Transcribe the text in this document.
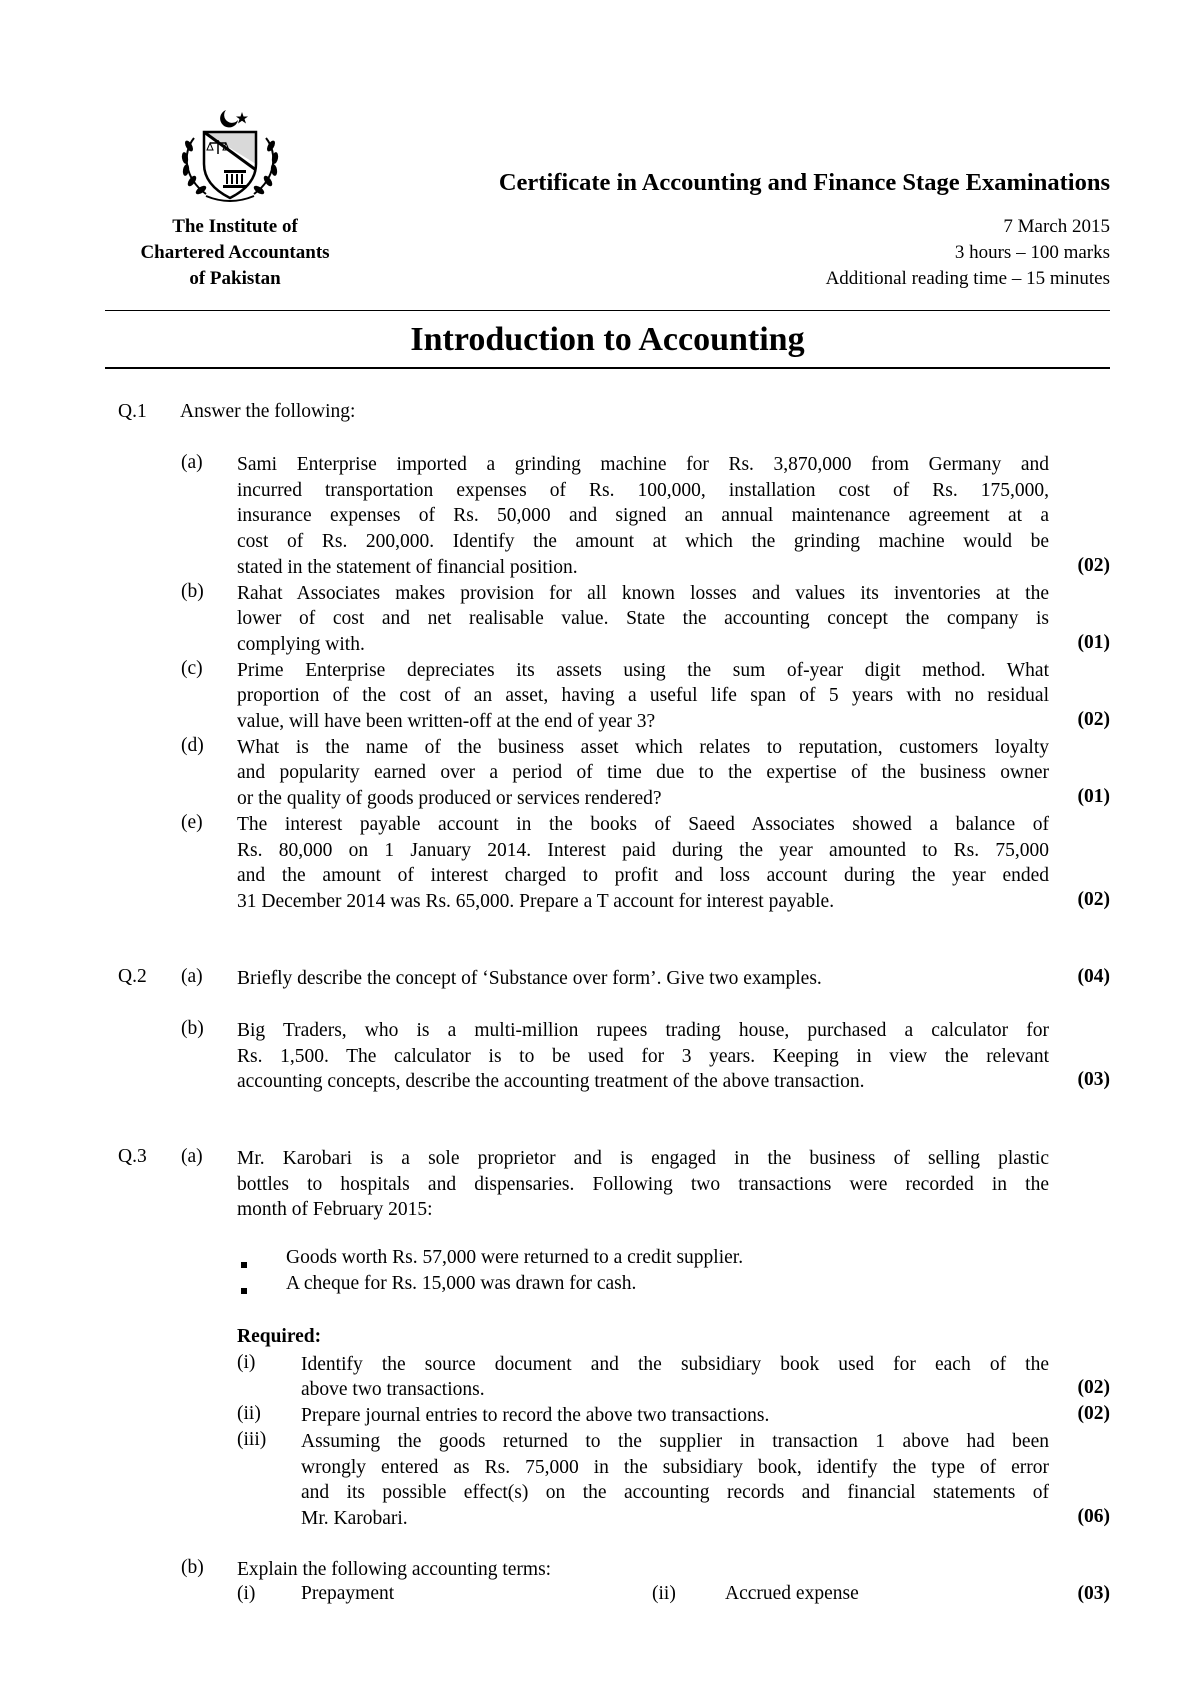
The Institute of
Chartered Accountants
of Pakistan
Certificate in Accounting and Finance Stage Examinations
7 March 2015
3 hours – 100 marks
Additional reading time – 15 minutes
Introduction to Accounting
Q.1 Answer the following:
(a) Sami Enterprise imported a grinding machine for Rs. 3,870,000 from Germany and
incurred transportation expenses of Rs. 100,000, installation cost of Rs. 175,000,
insurance expenses of Rs. 50,000 and signed an annual maintenance agreement at a
cost of Rs. 200,000. Identify the amount at which the grinding machine would be
stated in the statement of financial position.	(02)
(b) Rahat Associates makes provision for all known losses and values its inventories at the
lower of cost and net realisable value. State the accounting concept the company is
complying with.	(01)
(c) Prime Enterprise depreciates its assets using the sum of-year digit method. What
proportion of the cost of an asset, having a useful life span of 5 years with no residual
value, will have been written-off at the end of year 3?	(02)
(d) What is the name of the business asset which relates to reputation, customers loyalty
and popularity earned over a period of time due to the expertise of the business owner
or the quality of goods produced or services rendered?	(01)
(e) The interest payable account in the books of Saeed Associates showed a balance of
Rs. 80,000 on 1 January 2014. Interest paid during the year amounted to Rs. 75,000
and the amount of interest charged to profit and loss account during the year ended
31 December 2014 was Rs. 65,000. Prepare a T account for interest payable.	(02)
Q.2 (a) Briefly describe the concept of ‘Substance over form’. Give two examples.	(04)
(b) Big Traders, who is a multi-million rupees trading house, purchased a calculator for
Rs. 1,500. The calculator is to be used for 3 years. Keeping in view the relevant
accounting concepts, describe the accounting treatment of the above transaction.	(03)
Q.3 (a) Mr. Karobari is a sole proprietor and is engaged in the business of selling plastic
bottles to hospitals and dispensaries. Following two transactions were recorded in the
month of February 2015:
Goods worth Rs. 57,000 were returned to a credit supplier.
A cheque for Rs. 15,000 was drawn for cash.
Required:
(i) Identify the source document and the subsidiary book used for each of the
above two transactions.	(02)
(ii) Prepare journal entries to record the above two transactions.	(02)
(iii) Assuming the goods returned to the supplier in transaction 1 above had been
wrongly entered as Rs. 75,000 in the subsidiary book, identify the type of error
and its possible effect(s) on the accounting records and financial statements of
Mr. Karobari.	(06)
(b) Explain the following accounting terms:
(i) Prepayment	(ii)	Accrued expense	(03)
